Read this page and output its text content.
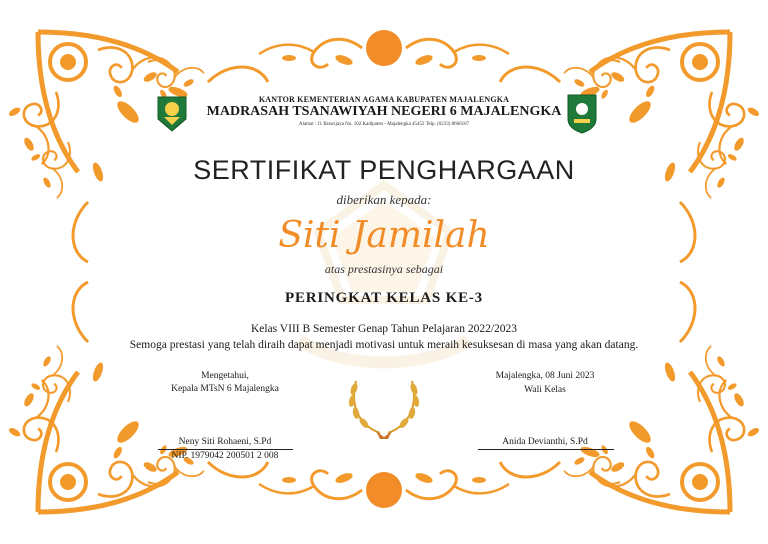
KANTOR KEMENTERIAN AGAMA KABUPATEN MAJALENGKA
MADRASAH TSANAWIYAH NEGERI 6 MAJALENGKA
Alamat : Jl. Brawijaya No. 102 Kadipaten - Majalengka 45452 Telp. (0233) 8666167
SERTIFIKAT PENGHARGAAN
diberikan kepada:
Siti Jamilah
atas prestasinya sebagai
PERINGKAT KELAS KE-3
Kelas VIII B Semester Genap Tahun Pelajaran 2022/2023
Semoga prestasi yang telah diraih dapat menjadi motivasi untuk meraih kesuksesan di masa yang akan datang.
Mengetahui,
Kepala MTsN 6 Majalengka
Neny Siti Rohaeni, S.Pd
NIP. 1979042 200501 2 008
Majalengka, 08 Juni 2023
Wali Kelas
Anida Devianthi, S.Pd
